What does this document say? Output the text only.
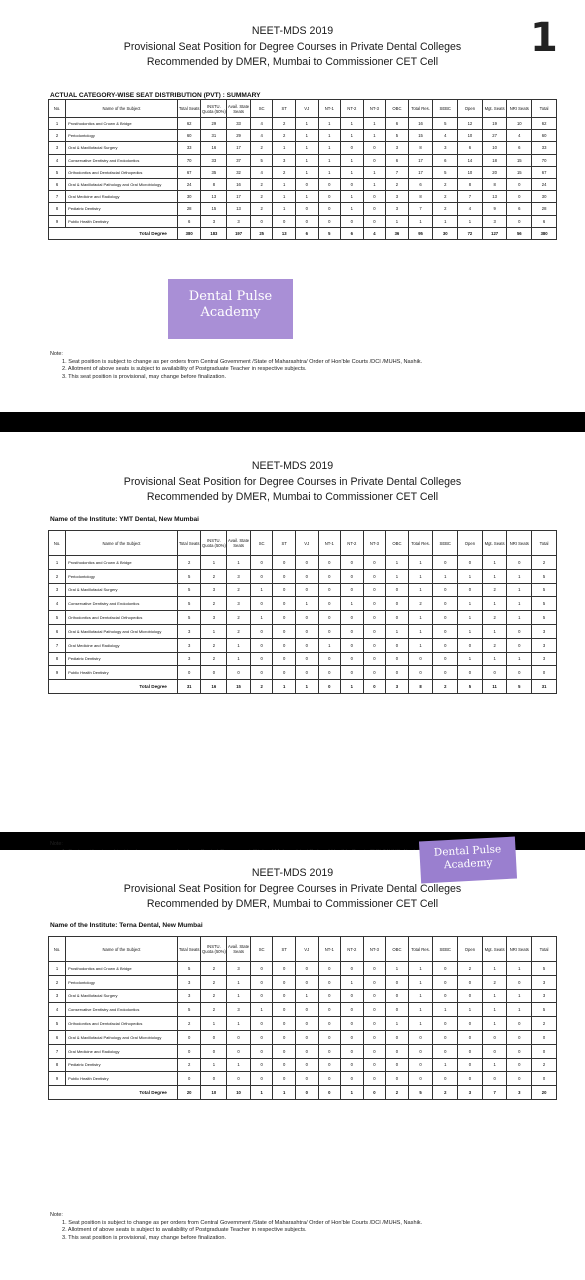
1
NEET-MDS 2019
Provisional Seat Position for Degree Courses in Private Dental Colleges
Recommended by DMER, Mumbai to Commissioner CET Cell
ACTUAL CATEGORY-WISE SEAT DISTRIBUTION (PVT) : SUMMARY
No.	Name of the Subject	Total Seats	INSTU. Quota (50%)	Avail. State Seats	SC	ST	VJ	NT-1	NT-2	NT-3	OBC	Total Res.	SEBC	Open	Mgt. Seats	NRI Seats	Total
1	Prosthodontics and Crown & Bridge	62	29	33	4	2	1	1	1	1	6	16	5	12	19	10	62
2	Periodontology	60	31	29	4	2	1	1	1	1	5	15	4	10	27	4	60
3	Oral & Maxillofacial Surgery	33	16	17	2	1	1	1	0	0	3	8	3	6	10	6	33
4	Conservative Dentistry and Endodontics	70	33	37	5	3	1	1	1	0	6	17	6	14	18	15	70
5	Orthodontics and Dentofacial Orthopedics	67	35	32	4	2	1	1	1	1	7	17	5	10	20	15	67
6	Oral & Maxillofacial Pathology and Oral Microbiology	24	8	16	2	1	0	0	0	1	2	6	2	8	8	0	24
7	Oral Medicine and Radiology	30	13	17	2	1	1	0	1	0	3	8	2	7	13	0	30
8	Pediatric Dentistry	28	15	13	2	1	0	0	1	0	3	7	2	4	9	6	28
9	Public Health Dentistry	6	3	3	0	0	0	0	0	0	1	1	1	1	3	0	6
Total Degree		380	183	197	25	13	6	5	6	4	36	95	30	72	127	56	380
Dental Pulse
Academy
Note:
1. Seat position is subject to change as per orders from Central Government /State of Maharashtra/ Order of Hon'ble Courts /DCI /MUHS, Nashik.
2. Allotment of above seats is subject to availability of Postgraduate Teacher in respective subjects.
3. This seat position is provisional, may change before finalization.
NEET-MDS 2019
Provisional Seat Position for Degree Courses in Private Dental Colleges
Recommended by DMER, Mumbai to Commissioner CET Cell
Name of the Institute: YMT Dental, New Mumbai
No.	Name of the Subject	Total Seats	INSTU. Quota (50%)	Avail. State Seats	SC	ST	VJ	NT-1	NT-2	NT-3	OBC	Total Res.	SEBC	Open	Mgt. Seats	NRI Seats	Total
1	Prosthodontics and Crown & Bridge	2	1	1	0	0	0	0	0	0	1	1	0	0	1	0	2
2	Periodontology	5	2	3	0	0	0	0	0	0	1	1	1	1	1	1	5
3	Oral & Maxillofacial Surgery	5	3	2	1	0	0	0	0	0	0	1	0	0	2	1	5
4	Conservative Dentistry and Endodontics	5	2	3	0	0	1	0	1	0	0	2	0	1	1	1	5
5	Orthodontics and Dentofacial Orthopedics	5	3	2	1	0	0	0	0	0	0	1	0	1	2	1	5
6	Oral & Maxillofacial Pathology and Oral Microbiology	3	1	2	0	0	0	0	0	0	1	1	0	1	1	0	3
7	Oral Medicine and Radiology	3	2	1	0	0	0	1	0	0	0	1	0	0	2	0	3
8	Pediatric Dentistry	3	2	1	0	0	0	0	0	0	0	0	0	1	1	1	3
9	Public Health Dentistry	0	0	0	0	0	0	0	0	0	0	0	0	0	0	0	0
Total Degree		31	16	15	2	1	1	0	1	0	3	8	2	5	11	5	31
Note:
NEET-MDS 2019
Provisional Seat Position for Degree Courses in Private Dental Colleges
Recommended by DMER, Mumbai to Commissioner CET Cell
Name of the Institute: Terna Dental, New Mumbai
No.	Name of the Subject	Total Seats	INSTU. Quota (50%)	Avail. State Seats	SC	ST	VJ	NT-1	NT-2	NT-3	OBC	Total Res.	SEBC	Open	Mgt. Seats	NRI Seats	Total
1	Prosthodontics and Crown & Bridge	5	2	3	0	0	0	0	0	0	1	1	0	2	1	1	5
2	Periodontology	3	2	1	0	0	0	0	1	0	0	1	0	0	2	0	3
3	Oral & Maxillofacial Surgery	3	2	1	0	0	1	0	0	0	0	1	0	0	1	1	3
4	Conservative Dentistry and Endodontics	5	2	3	1	0	0	0	0	0	0	1	1	1	1	1	5
5	Orthodontics and Dentofacial Orthopedics	2	1	1	0	0	0	0	0	0	1	1	0	0	1	0	2
6	Oral & Maxillofacial Pathology and Oral Microbiology	0	0	0	0	0	0	0	0	0	0	0	0	0	0	0	0
7	Oral Medicine and Radiology	0	0	0	0	0	0	0	0	0	0	0	0	0	0	0	0
8	Pediatric Dentistry	2	1	1	0	0	0	0	0	0	0	0	1	0	1	0	2
9	Public Health Dentistry	0	0	0	0	0	0	0	0	0	0	0	0	0	0	0	0
Total Degree		20	10	10	1	1	0	0	1	0	2	5	2	3	7	3	20
Note:
1. Seat position is subject to change as per orders from Central Government /State of Maharashtra/ Order of Hon'ble Courts /DCI /MUHS, Nashik.
2. Allotment of above seats is subject to availability of Postgraduate Teacher in respective subjects.
3. This seat position is provisional, may change before finalization.
Dental Pulse
Academy
